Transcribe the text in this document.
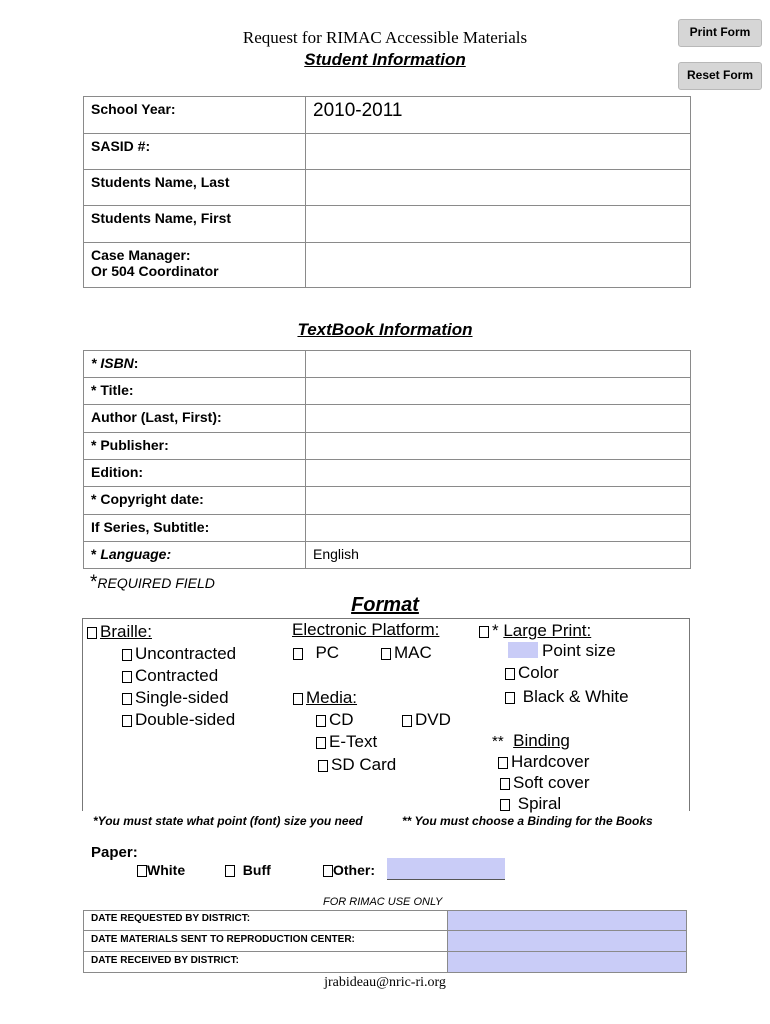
Request for RIMAC Accessible Materials
Student Information
Print Form
Reset Form
School Year:	2010-2011
SASID #:	
Students Name, Last	
Students Name, First	

Case Manager:
Or 504 Coordinator	

TextBook Information
* ISBN:	
* Title:	
Author (Last, First):	
* Publisher:	
Edition:	
* Copyright date:	
If Series, Subtitle:	
* Language:	English
*REQUIRED FIELD
Format
Braille:
Uncontracted
Contracted
Single-sided
Double-sided
Electronic Platform:
PC	MAC
Media:
CD	DVD
E-Text
SD Card
* Large Print:
Point size
Color
Black & White
** Binding
Hardcover
Soft cover
Spiral
*You must state what point (font) size you need	** You must choose a Binding for the Books
Paper:
White	Buff	Other:
FOR RIMAC USE ONLY
DATE REQUESTED BY DISTRICT:	
DATE MATERIALS SENT TO REPRODUCTION CENTER:	
DATE RECEIVED BY DISTRICT:	
jrabideau@nric-ri.org
